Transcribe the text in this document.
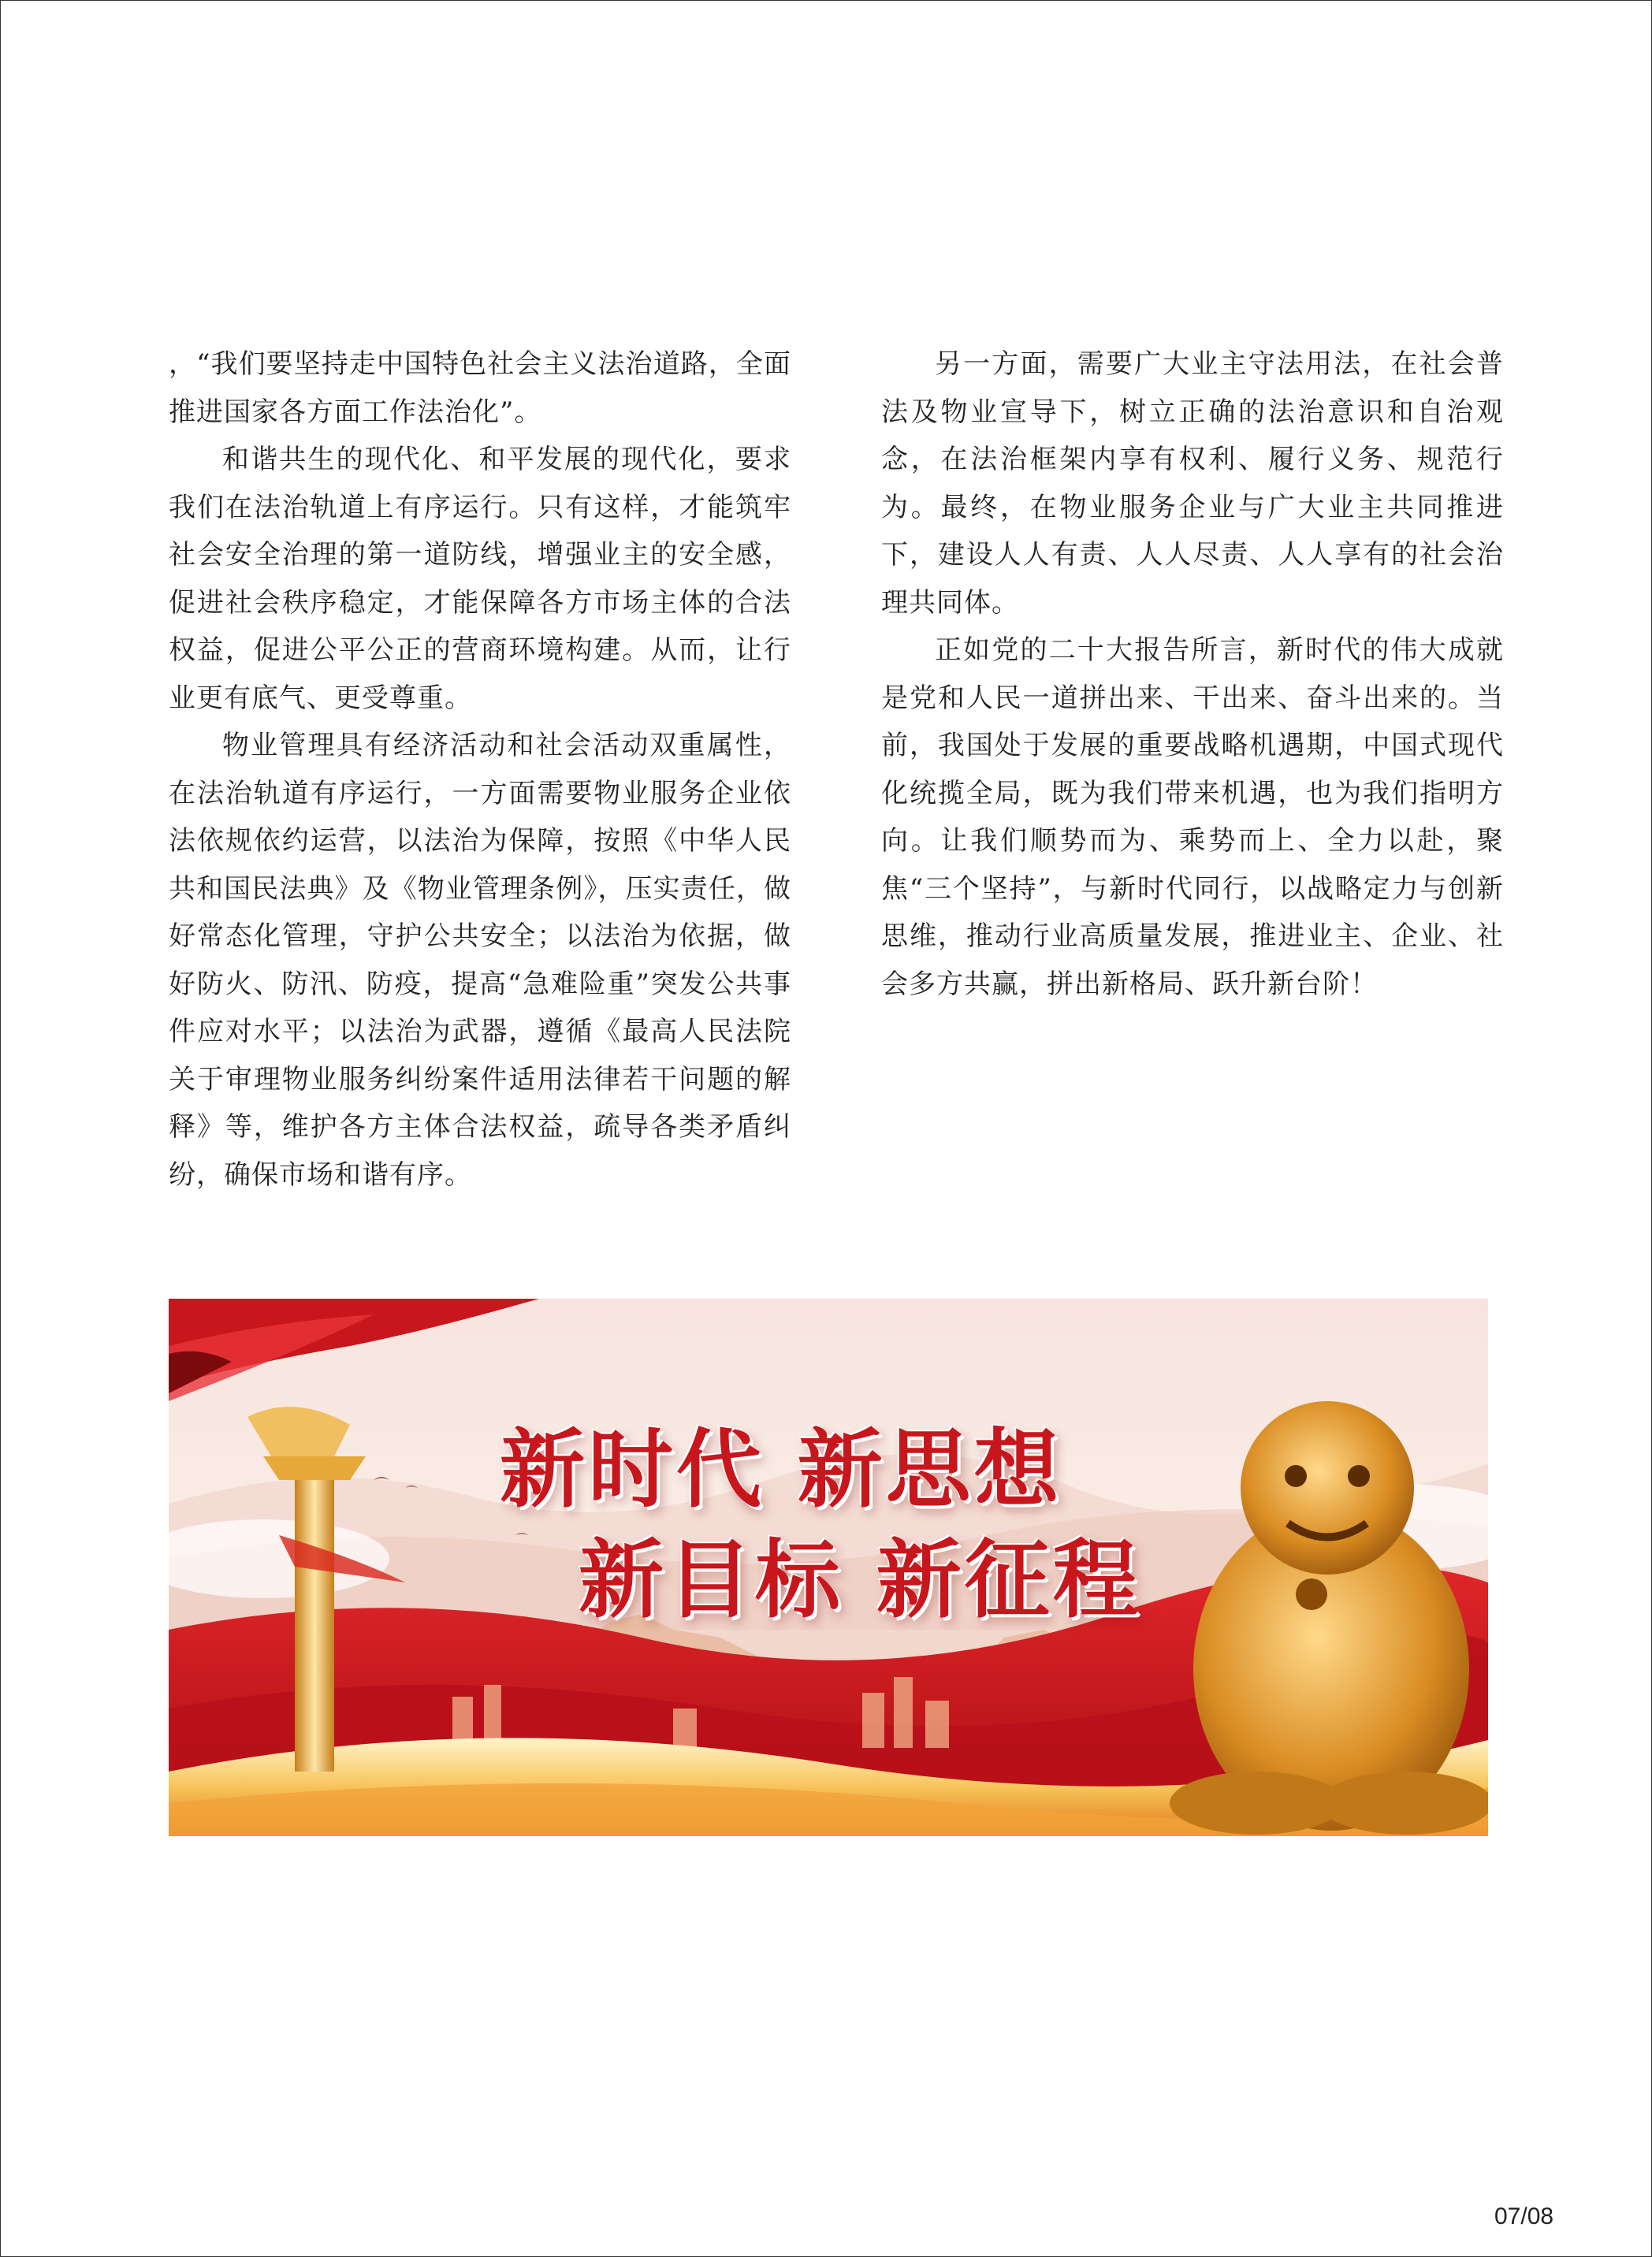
，“我们要坚持走中国特色社会主义法治道路，全面推进国家各方面工作法治化”。

和谐共生的现代化、和平发展的现代化，要求我们在法治轨道上有序运行。只有这样，才能筑牢社会安全治理的第一道防线，增强业主的安全感，促进社会秩序稳定，才能保障各方市场主体的合法权益，促进公平公正的营商环境构建。从而，让行业更有底气、更受尊重。

物业管理具有经济活动和社会活动双重属性，在法治轨道有序运行，一方面需要物业服务企业依法依规依约运营，以法治为保障，按照《中华人民共和国民法典》及《物业管理条例》，压实责任，做好常态化管理，守护公共安全；以法治为依据，做好防火、防汛、防疫，提高“急难险重”突发公共事件应对水平；以法治为武器，遵循《最高人民法院关于审理物业服务纠纷案件适用法律若干问题的解释》等，维护各方主体合法权益，疏导各类矛盾纠纷，确保市场和谐有序。

另一方面，需要广大业主守法用法，在社会普法及物业宣导下，树立正确的法治意识和自治观念，在法治框架内享有权利、履行义务、规范行为。最终，在物业服务企业与广大业主共同推进下，建设人人有责、人人尽责、人人享有的社会治理共同体。

正如党的二十大报告所言，新时代的伟大成就是党和人民一道拼出来、干出来、奋斗出来的。当前，我国处于发展的重要战略机遇期，中国式现代化统揽全局，既为我们带来机遇，也为我们指明方向。让我们顺势而为、乘势而上、全力以赴，聚焦“三个坚持”，与新时代同行，以战略定力与创新思维，推动行业高质量发展，推进业主、企业、社会多方共赢，拼出新格局、跃升新台阶！

新时代 新思想
新目标 新征程
07/08
